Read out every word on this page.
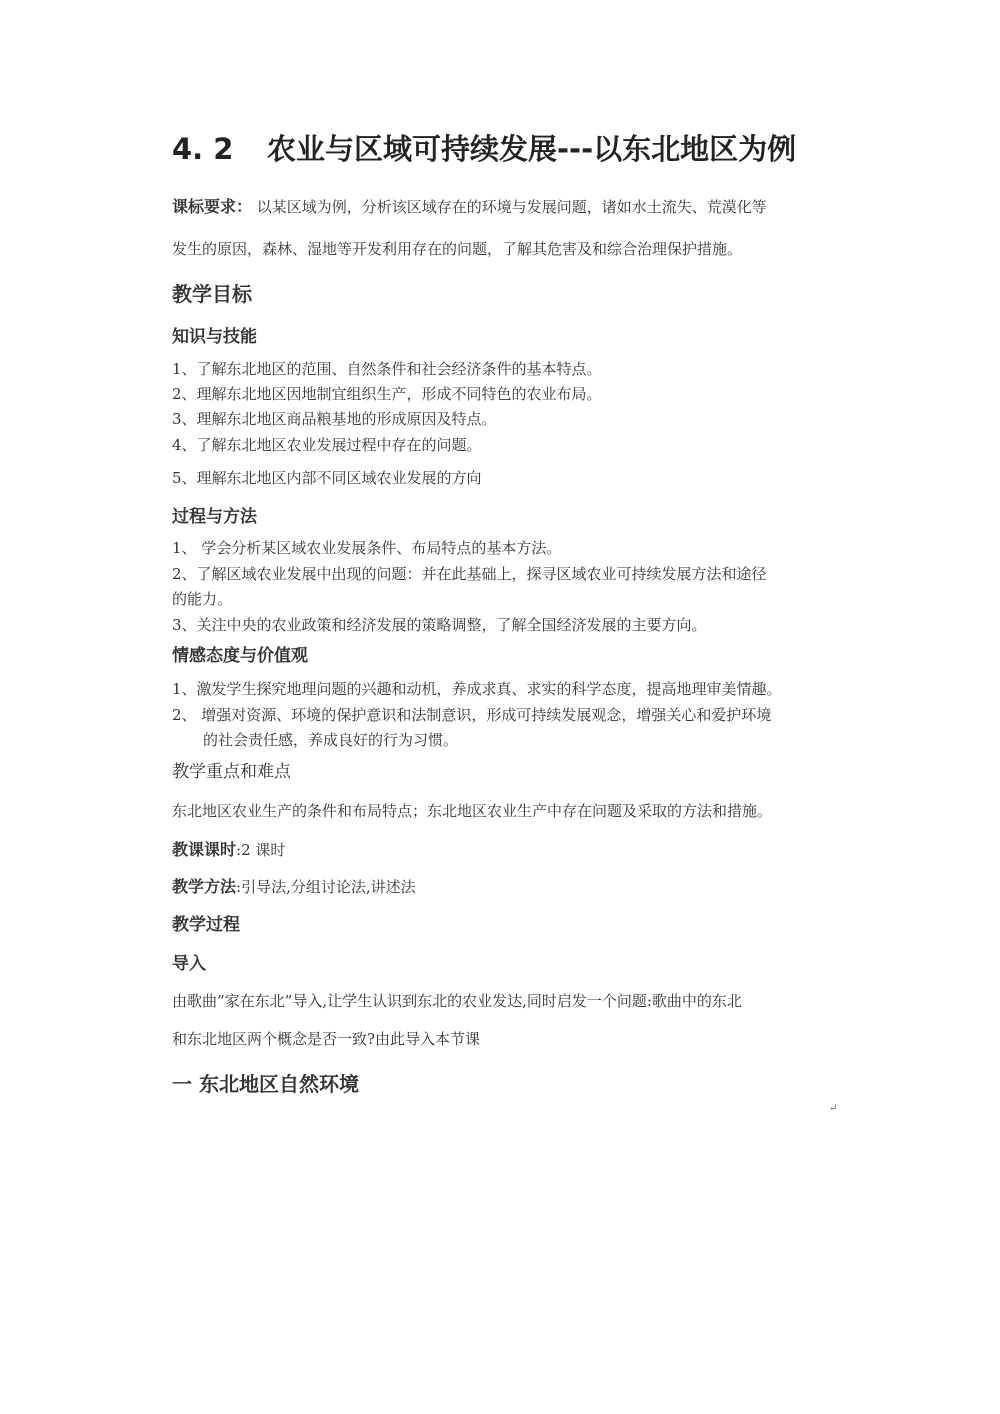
4. 2 农业与区域可持续发展---以东北地区为例
课标要求： 以某区域为例，分析该区域存在的环境与发展问题，诸如水土流失、荒漠化等
发生的原因，森林、湿地等开发利用存在的问题，了解其危害及和综合治理保护措施。
教学目标
知识与技能
1、了解东北地区的范围、自然条件和社会经济条件的基本特点。
2、理解东北地区因地制宜组织生产，形成不同特色的农业布局。
3、理解东北地区商品粮基地的形成原因及特点。
4、了解东北地区农业发展过程中存在的问题。
5、理解东北地区内部不同区域农业发展的方向
过程与方法
1、 学会分析某区域农业发展条件、布局特点的基本方法。
2、了解区域农业发展中出现的问题：并在此基础上，探寻区域农业可持续发展方法和途径
的能力。
3、关注中央的农业政策和经济发展的策略调整，了解全国经济发展的主要方向。
情感态度与价值观
1、激发学生探究地理问题的兴趣和动机，养成求真、求实的科学态度，提高地理审美情趣。
2、 增强对资源、环境的保护意识和法制意识，形成可持续发展观念，增强关心和爱护环境
的社会责任感，养成良好的行为习惯。
教学重点和难点
东北地区农业生产的条件和布局特点；东北地区农业生产中存在问题及采取的方法和措施。
教课课时:2 课时
教学方法:引导法,分组讨论法,讲述法
教学过程
导入
由歌曲”家在东北”导入,让学生认识到东北的农业发达,同时启发一个问题:歌曲中的东北
和东北地区两个概念是否一致?由此导入本节课
一 东北地区自然环境
↵
